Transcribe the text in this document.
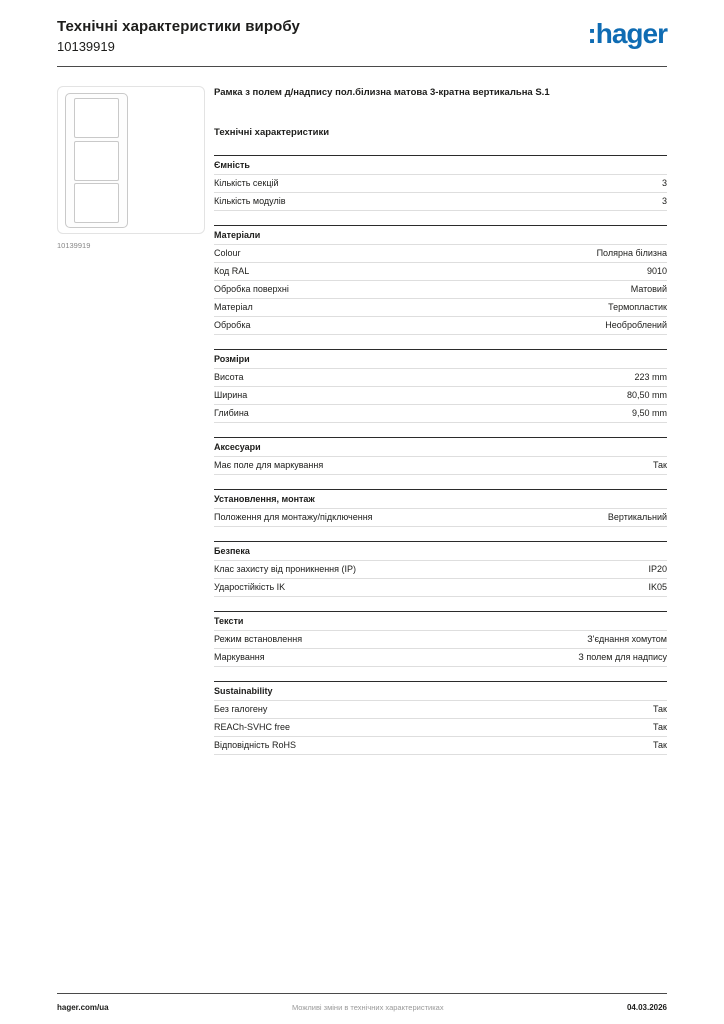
Технічні характеристики виробу
10139919	:hager
10139919

Рамка з полем д/надпису пол.білизна матова 3-кратна вертикальна S.1

Технічні характеристики
Ємність
Кількість секцій	3
Кількість модулів	3
Матеріали
Colour	Полярна білизна
Код RAL	9010
Обробка поверхні	Матовий
Матеріал	Термопластик
Обробка	Необроблений
Розміри
Висота	223 mm
Ширина	80,50 mm
Глибина	9,50 mm
Аксесуари
Має поле для маркування	Так
Установлення, монтаж
Положення для монтажу/підключення	Вертикальний
Безпека
Клас захисту від проникнення (IP)	IP20
Ударостійкість IK	IK05
Тексти
Режим встановлення	З'єднання хомутом
Маркування	З полем для надпису
Sustainability
Без галогену	Так
REACh-SVHC free	Так
Відповідність RoHS	Так
hager.com/ua	Можливі зміни в технічних характеристиках	04.03.2026
